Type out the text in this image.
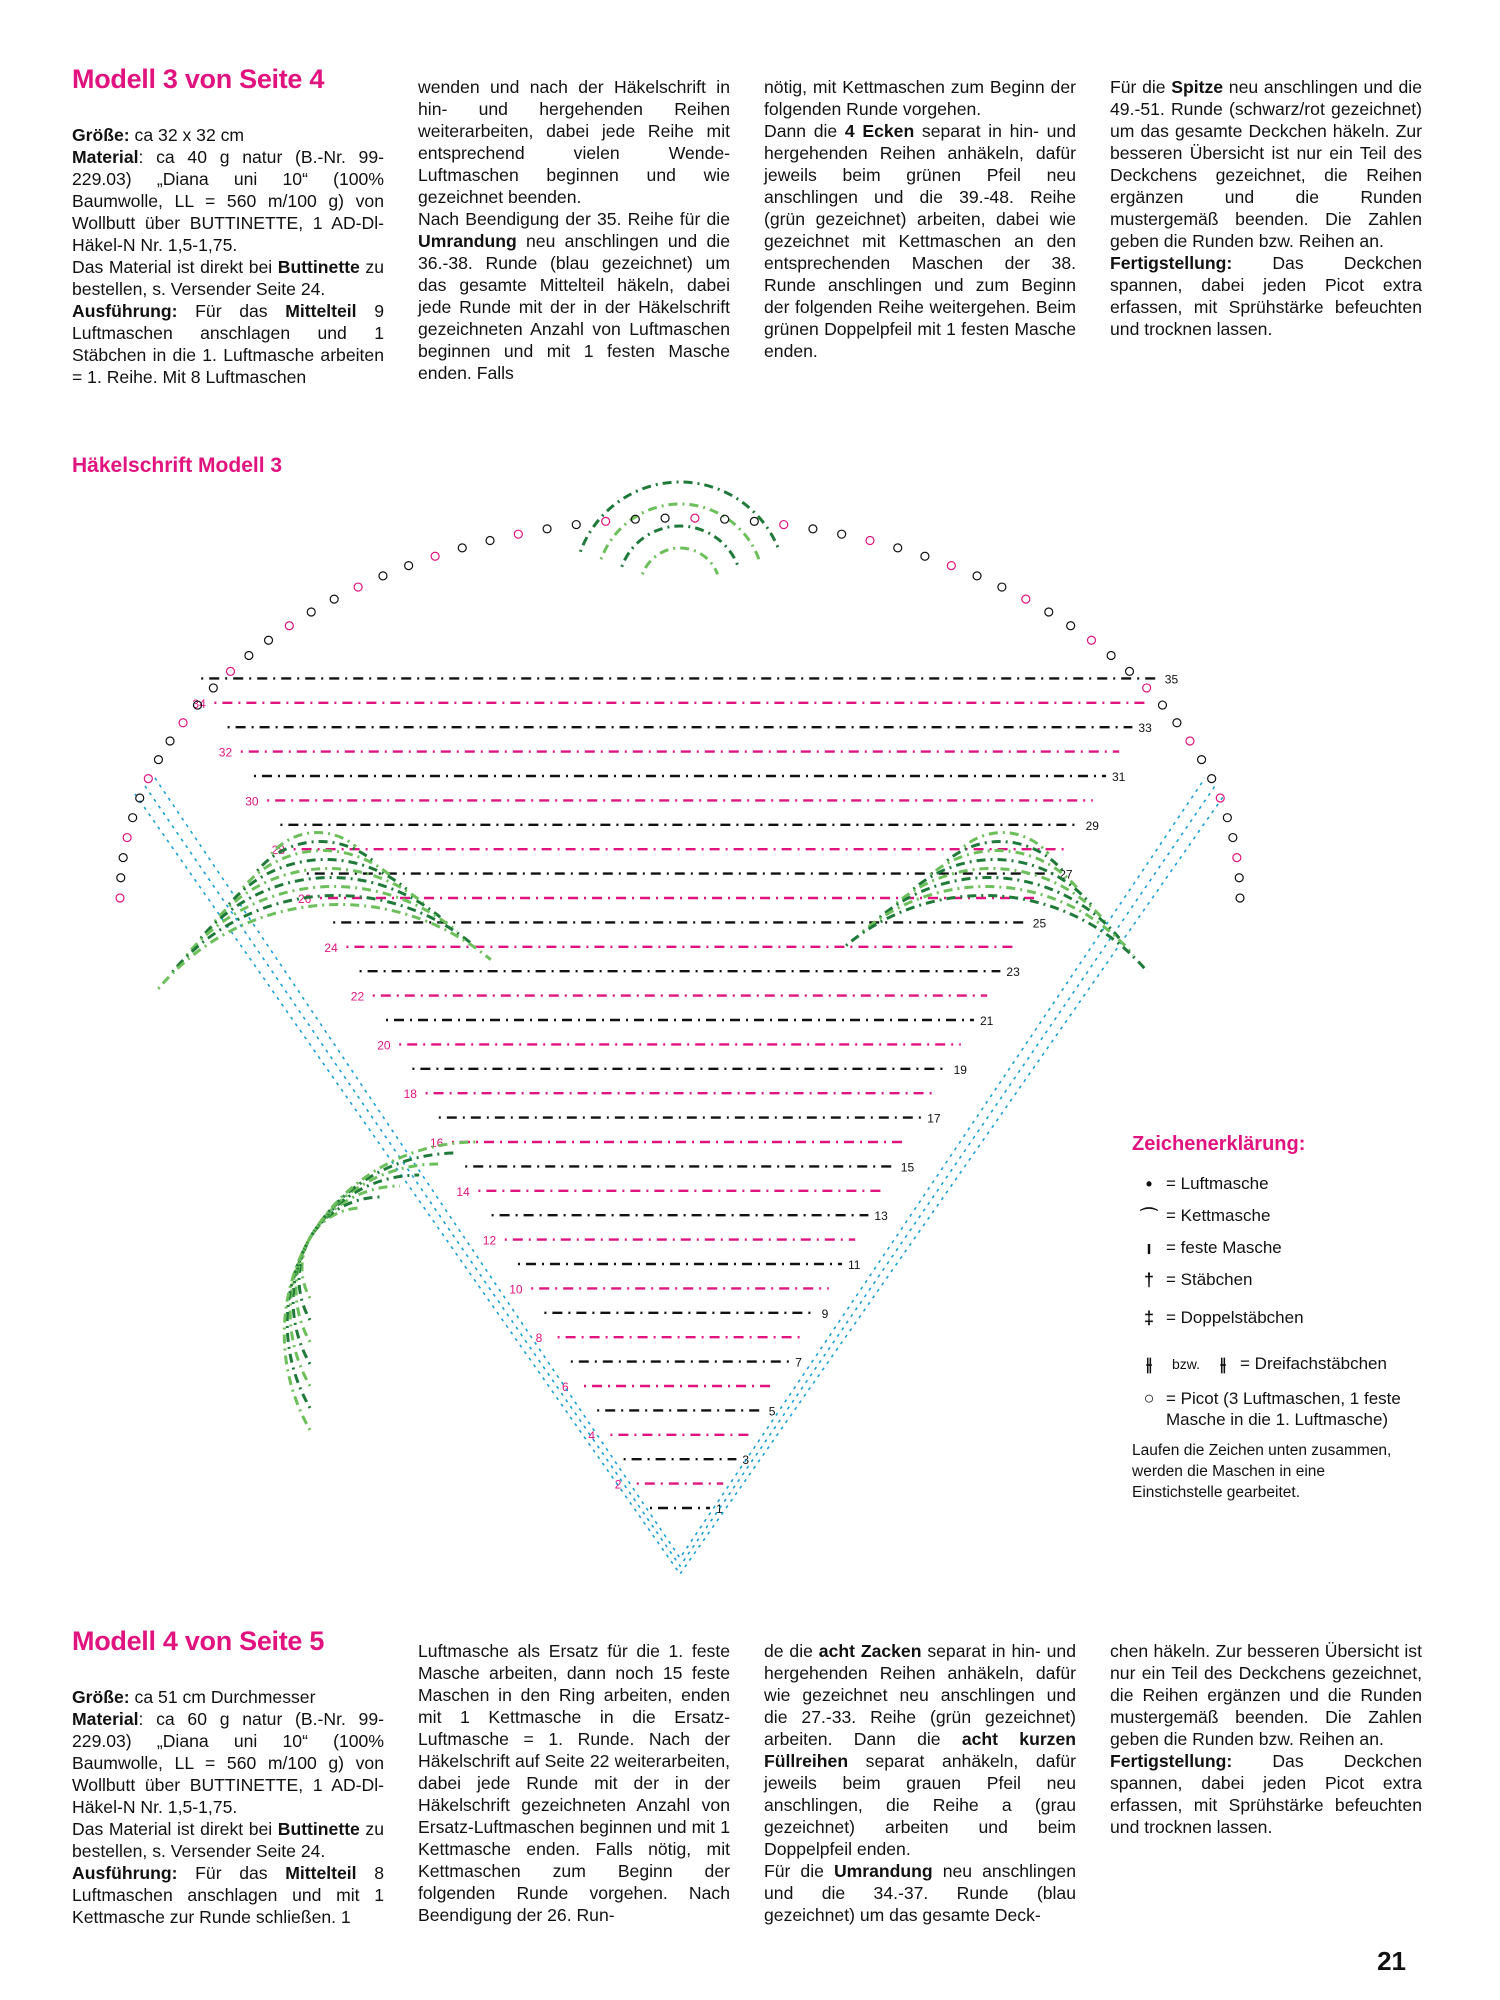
Modell 3 von Seite 4

Größe: ca 32 x 32 cm

Material: ca 40 g natur (B.-Nr. 99-229.03) „Diana uni 10“ (100% Baumwolle, LL = 560 m/100 g) von Wollbutt über BUTTINETTE, 1 AD-Dl-Häkel-N Nr. 1,5-1,75.

Das Material ist direkt bei Buttinette zu bestellen, s. Versender Seite 24.

Ausführung: Für das Mittelteil 9 Luftmaschen anschlagen und 1 Stäbchen in die 1. Luftmasche arbeiten = 1. Reihe. Mit 8 Luftmaschen

wenden und nach der Häkelschrift in hin- und hergehenden Reihen weiterarbeiten, dabei jede Reihe mit entsprechend vielen Wende-Luftmaschen beginnen und wie gezeichnet beenden.

Nach Beendigung der 35. Reihe für die Umrandung neu anschlingen und die 36.-38. Runde (blau gezeichnet) um das gesamte Mittelteil häkeln, dabei jede Runde mit der in der Häkelschrift gezeichneten Anzahl von Luftmaschen beginnen und mit 1 festen Masche enden. Falls

nötig, mit Kettmaschen zum Beginn der folgenden Runde vorgehen.

Dann die 4 Ecken separat in hin- und hergehenden Reihen anhäkeln, dafür jeweils beim grünen Pfeil neu anschlingen und die 39.-48. Reihe (grün gezeichnet) arbeiten, dabei wie gezeichnet mit Kettmaschen an den entsprechenden Maschen der 38. Runde anschlingen und zum Beginn der folgenden Reihe weitergehen. Beim grünen Doppelpfeil mit 1 festen Masche enden.

Für die Spitze neu anschlingen und die 49.-51. Runde (schwarz/rot gezeichnet) um das gesamte Deckchen häkeln. Zur besseren Übersicht ist nur ein Teil des Deckchens gezeichnet, die Reihen ergänzen und die Runden mustergemäß beenden. Die Zahlen geben die Runden bzw. Reihen an.

Fertigstellung: Das Deckchen spannen, dabei jeden Picot extra erfassen, mit Sprühstärke befeuchten und trocknen lassen.

Häkelschrift Modell 3
1
2
3
4
5
6
7
8
9
10
11
12
13
14
15
16
17
18
19
20
21
22
23
24
25
26
27
28
29
30
31
32
33
34
35
Zeichenerklärung:
• = Luftmasche
⌒ = Kettmasche
ı = feste Masche
† = Stäbchen
‡ = Doppelstäbchen
⫲	bzw.	⫲ = Dreifachstäbchen
○ = Picot (3 Luftmaschen, 1 feste Masche in die 1. Luftmasche)
Laufen die Zeichen unten zusammen, werden die Maschen in eine Einstichstelle gearbeitet.
Modell 4 von Seite 5

Größe: ca 51 cm Durchmesser

Material: ca 60 g natur (B.-Nr. 99-229.03) „Diana uni 10“ (100% Baumwolle, LL = 560 m/100 g) von Wollbutt über BUTTINETTE, 1 AD-Dl-Häkel-N Nr. 1,5-1,75.

Das Material ist direkt bei Buttinette zu bestellen, s. Versender Seite 24.

Ausführung: Für das Mittelteil 8 Luftmaschen anschlagen und mit 1 Kettmasche zur Runde schließen. 1

Luftmasche als Ersatz für die 1. feste Masche arbeiten, dann noch 15 feste Maschen in den Ring arbeiten, enden mit 1 Kettmasche in die Ersatz-Luftmasche = 1. Runde. Nach der Häkelschrift auf Seite 22 weiterarbeiten, dabei jede Runde mit der in der Häkelschrift gezeichneten Anzahl von Ersatz-Luftmaschen beginnen und mit 1 Kettmasche enden. Falls nötig, mit Kettmaschen zum Beginn der folgenden Runde vorgehen. Nach Beendigung der 26. Run-

de die acht Zacken separat in hin- und hergehenden Reihen anhäkeln, dafür wie gezeichnet neu anschlingen und die 27.-33. Reihe (grün gezeichnet) arbeiten. Dann die acht kurzen Füllreihen separat anhäkeln, dafür jeweils beim grauen Pfeil neu anschlingen, die Reihe a (grau gezeichnet) arbeiten und beim Doppelpfeil enden.

Für die Umrandung neu anschlingen und die 34.-37. Runde (blau gezeichnet) um das gesamte Deck-

chen häkeln. Zur besseren Übersicht ist nur ein Teil des Deckchens gezeichnet, die Reihen ergänzen und die Runden mustergemäß beenden. Die Zahlen geben die Runden bzw. Reihen an.

Fertigstellung: Das Deckchen spannen, dabei jeden Picot extra erfassen, mit Sprühstärke befeuchten und trocknen lassen.

21
